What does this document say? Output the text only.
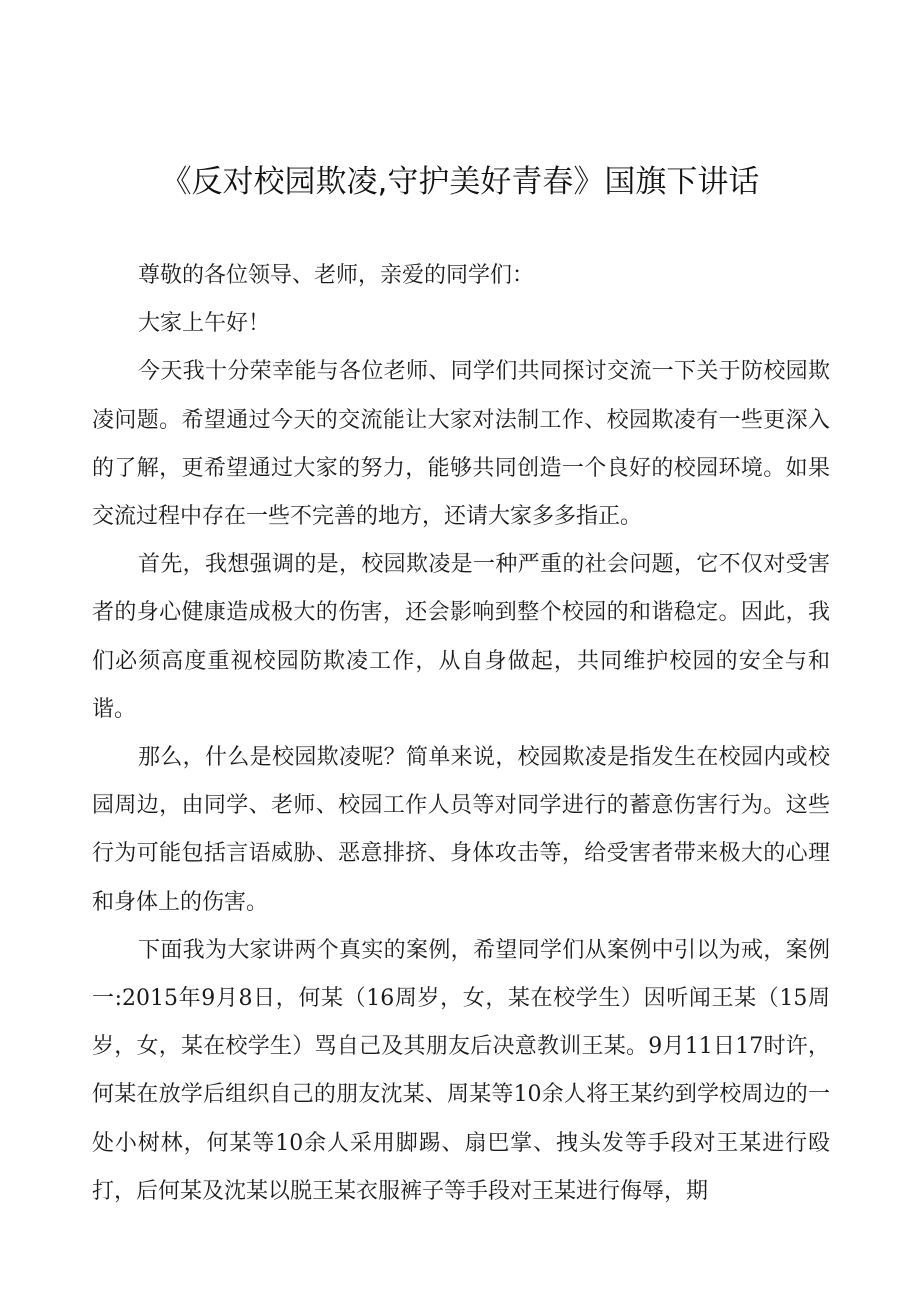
《反对校园欺凌,守护美好青春》国旗下讲话

尊敬的各位领导、老师，亲爱的同学们：

大家上午好！

今天我十分荣幸能与各位老师、同学们共同探讨交流一下关于防校园欺凌问题。希望通过今天的交流能让大家对法制工作、校园欺凌有一些更深入的了解，更希望通过大家的努力，能够共同创造一个良好的校园环境。如果交流过程中存在一些不完善的地方，还请大家多多指正。

首先，我想强调的是，校园欺凌是一种严重的社会问题，它不仅对受害者的身心健康造成极大的伤害，还会影响到整个校园的和谐稳定。因此，我们必须高度重视校园防欺凌工作，从自身做起，共同维护校园的安全与和谐。

那么，什么是校园欺凌呢？简单来说，校园欺凌是指发生在校园内或校园周边，由同学、老师、校园工作人员等对同学进行的蓄意伤害行为。这些行为可能包括言语威胁、恶意排挤、身体攻击等，给受害者带来极大的心理和身体上的伤害。

下面我为大家讲两个真实的案例，希望同学们从案例中引以为戒，案例一:2015年9月8日，何某（16周岁，女，某在校学生）因听闻王某（15周岁，女，某在校学生）骂自己及其朋友后决意教训王某。9月11日17时许，何某在放学后组织自己的朋友沈某、周某等10余人将王某约到学校周边的一处小树林，何某等10余人采用脚踢、扇巴掌、拽头发等手段对王某进行殴打，后何某及沈某以脱王某衣服裤子等手段对王某进行侮辱，期
